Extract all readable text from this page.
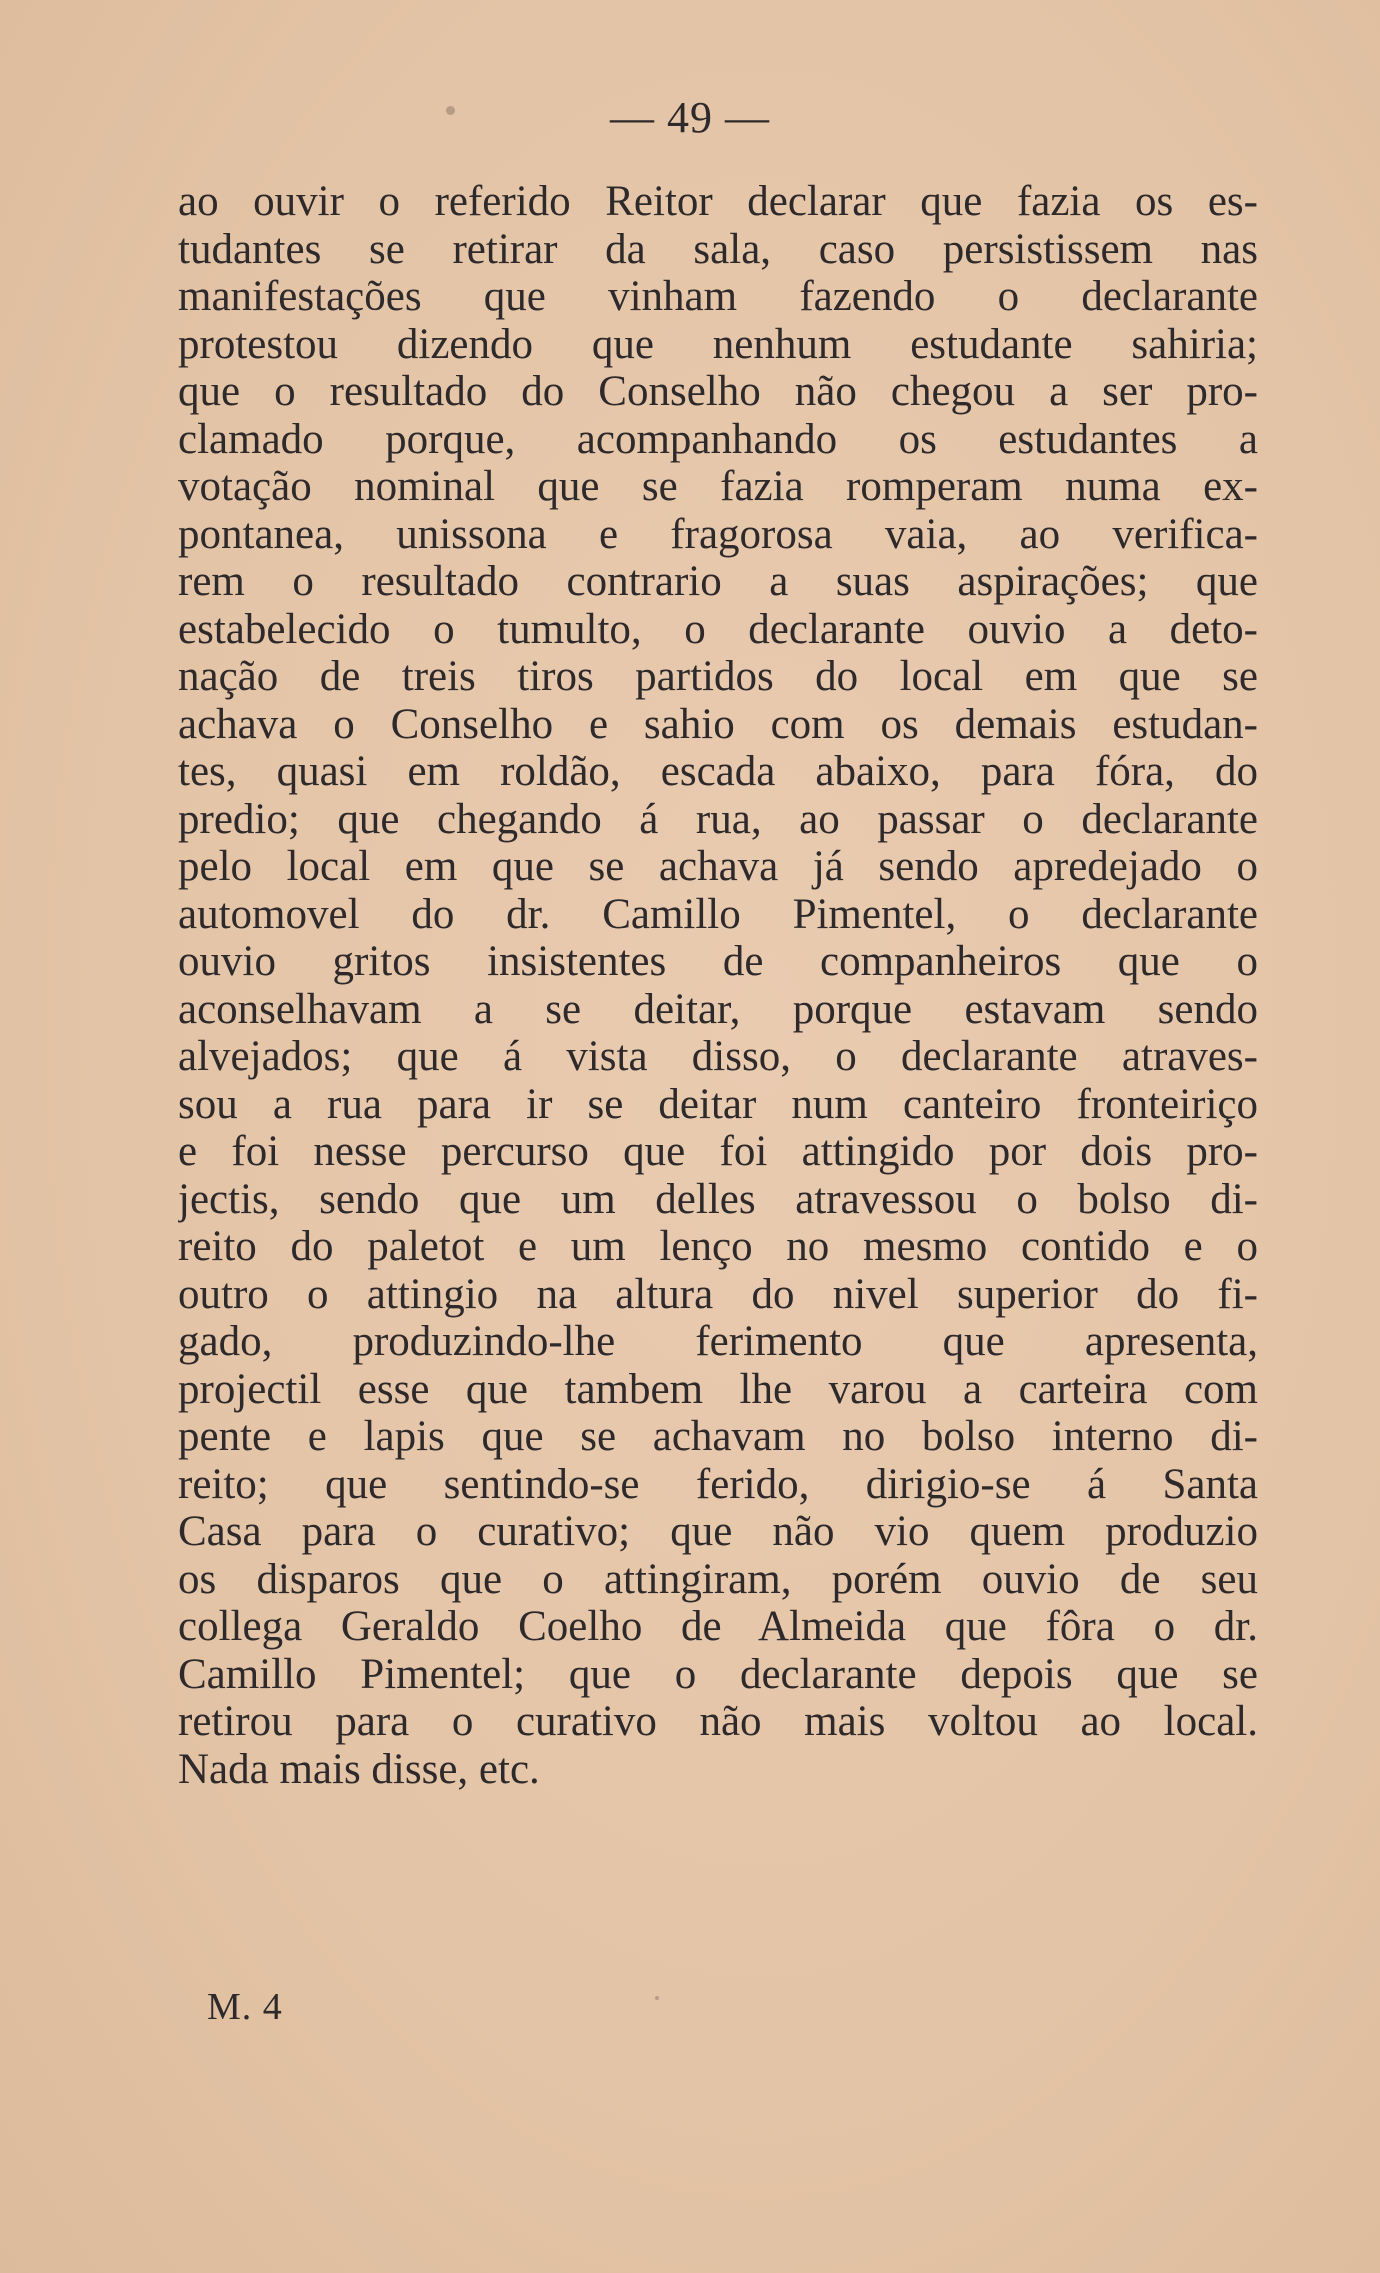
— 49 —

ao ouvir o referido Reitor declarar que fazia os es-
tudantes se retirar da sala, caso persistissem nas
manifestações que vinham fazendo o declarante
protestou dizendo que nenhum estudante sahiria;
que o resultado do Conselho não chegou a ser pro-
clamado porque, acompanhando os estudantes a
votação nominal que se fazia romperam numa ex-
pontanea, unissona e fragorosa vaia, ao verifica-
rem o resultado contrario a suas aspirações; que
estabelecido o tumulto, o declarante ouvio a deto-
nação de treis tiros partidos do local em que se
achava o Conselho e sahio com os demais estudan-
tes, quasi em roldão, escada abaixo, para fóra, do
predio; que chegando á rua, ao passar o declarante
pelo local em que se achava já sendo apredejado o
automovel do dr. Camillo Pimentel, o declarante
ouvio gritos insistentes de companheiros que o
aconselhavam a se deitar, porque estavam sendo
alvejados; que á vista disso, o declarante atraves-
sou a rua para ir se deitar num canteiro fronteiriço
e foi nesse percurso que foi attingido por dois pro-
jectis, sendo que um delles atravessou o bolso di-
reito do paletot e um lenço no mesmo contido e o
outro o attingio na altura do nivel superior do fi-
gado, produzindo-lhe ferimento que apresenta,
projectil esse que tambem lhe varou a carteira com
pente e lapis que se achavam no bolso interno di-
reito; que sentindo-se ferido, dirigio-se á Santa
Casa para o curativo; que não vio quem produzio
os disparos que o attingiram, porém ouvio de seu
collega Geraldo Coelho de Almeida que fôra o dr.
Camillo Pimentel; que o declarante depois que se
retirou para o curativo não mais voltou ao local.
Nada mais disse, etc.

M. 4
